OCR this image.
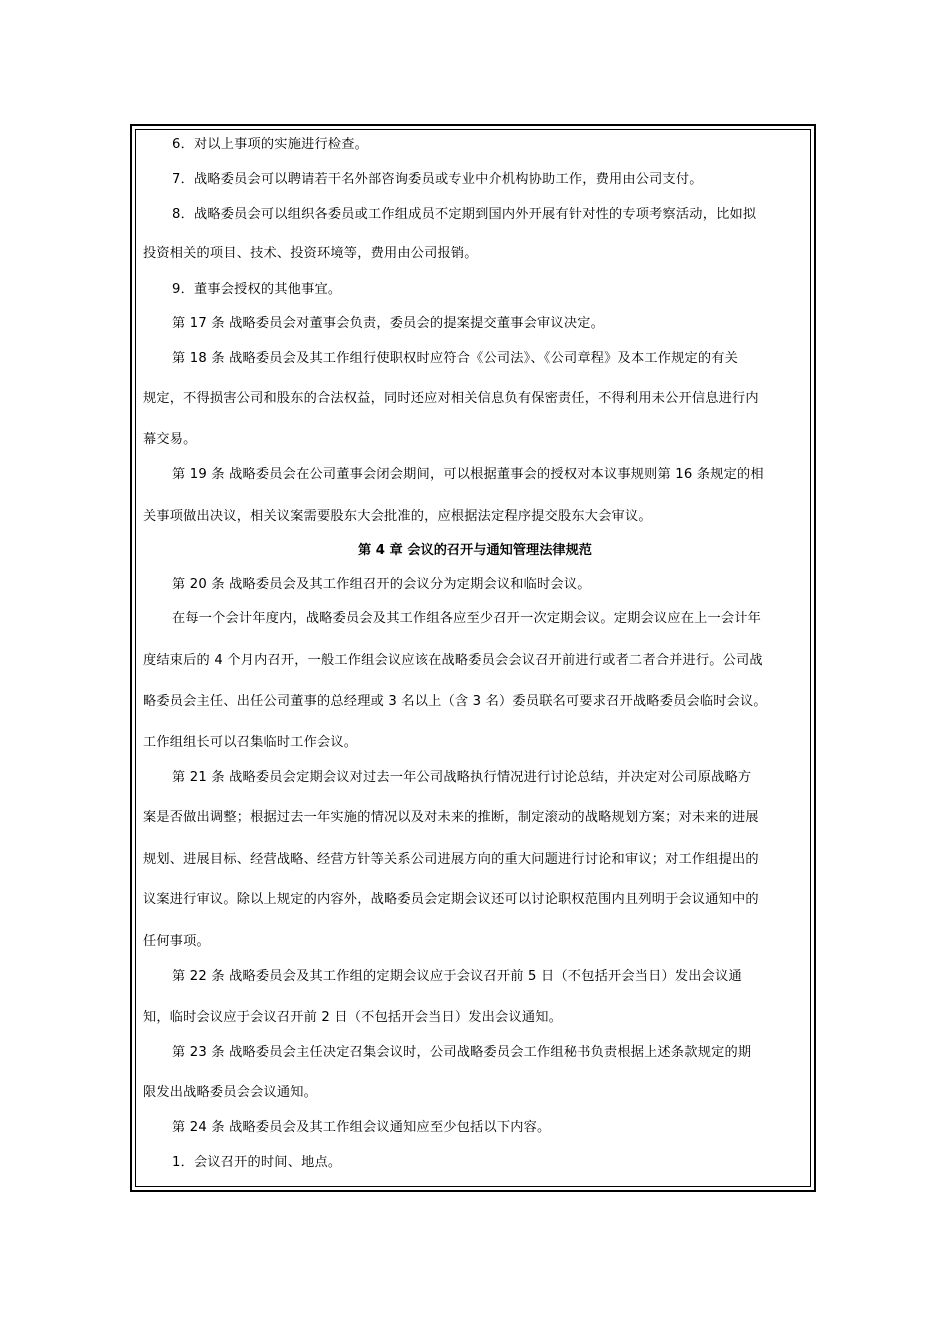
6．对以上事项的实施进行检查。
7．战略委员会可以聘请若干名外部咨询委员或专业中介机构协助工作，费用由公司支付。
8．战略委员会可以组织各委员或工作组成员不定期到国内外开展有针对性的专项考察活动，比如拟
投资相关的项目、技术、投资环境等，费用由公司报销。
9．董事会授权的其他事宜。
第 17 条 战略委员会对董事会负责，委员会的提案提交董事会审议决定。
第 18 条 战略委员会及其工作组行使职权时应符合《公司法》、《公司章程》及本工作规定的有关
规定，不得损害公司和股东的合法权益，同时还应对相关信息负有保密责任，不得利用未公开信息进行内
幕交易。
第 19 条 战略委员会在公司董事会闭会期间，可以根据董事会的授权对本议事规则第 16 条规定的相
关事项做出决议，相关议案需要股东大会批准的，应根据法定程序提交股东大会审议。
第 4 章 会议的召开与通知管理法律规范
第 20 条 战略委员会及其工作组召开的会议分为定期会议和临时会议。
在每一个会计年度内，战略委员会及其工作组各应至少召开一次定期会议。定期会议应在上一会计年
度结束后的 4 个月内召开，一般工作组会议应该在战略委员会会议召开前进行或者二者合并进行。公司战
略委员会主任、出任公司董事的总经理或 3 名以上（含 3 名）委员联名可要求召开战略委员会临时会议。
工作组组长可以召集临时工作会议。
第 21 条 战略委员会定期会议对过去一年公司战略执行情况进行讨论总结，并决定对公司原战略方
案是否做出调整；根据过去一年实施的情况以及对未来的推断，制定滚动的战略规划方案；对未来的进展
规划、进展目标、经营战略、经营方针等关系公司进展方向的重大问题进行讨论和审议；对工作组提出的
议案进行审议。除以上规定的内容外，战略委员会定期会议还可以讨论职权范围内且列明于会议通知中的
任何事项。
第 22 条 战略委员会及其工作组的定期会议应于会议召开前 5 日（不包括开会当日）发出会议通
知，临时会议应于会议召开前 2 日（不包括开会当日）发出会议通知。
第 23 条 战略委员会主任决定召集会议时，公司战略委员会工作组秘书负责根据上述条款规定的期
限发出战略委员会会议通知。
第 24 条 战略委员会及其工作组会议通知应至少包括以下内容。
1．会议召开的时间、地点。
